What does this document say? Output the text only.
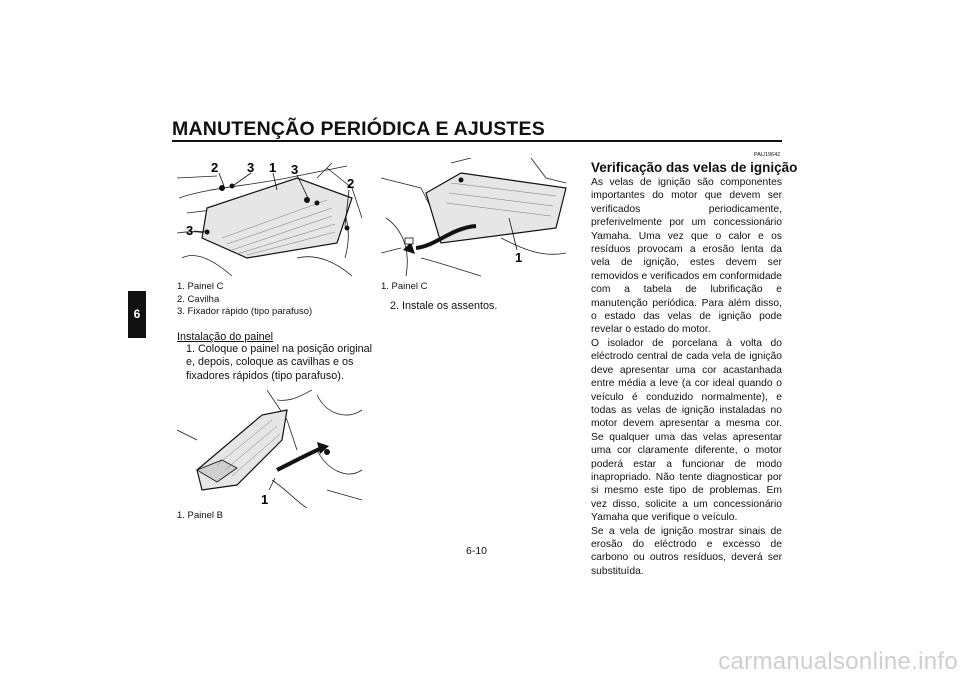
MANUTENÇÃO PERIÓDICA E AJUSTES
6
2 3 1 3
2
3
1. Painel C
2. Cavilha
3. Fixador rápido (tipo parafuso)
Instalação do painel
1. Coloque o painel na posição original e, depois, coloque as cavilhas e os fixadores rápidos (tipo parafuso).
1
1. Painel B
1
1. Painel C
2. Instale os assentos.
PAU19642
Verificação das velas de ignição

As velas de ignição são componentes importantes do motor que devem ser verificados periodicamente, preferivelmente por um concessionário Yamaha. Uma vez que o calor e os resíduos provocam a erosão lenta da vela de ignição, estes devem ser removidos e verificados em conformidade com a tabela de lubrificação e manutenção periódica. Para além disso, o estado das velas de ignição pode revelar o estado do motor.

O isolador de porcelana à volta do eléctrodo central de cada vela de ignição deve apresentar uma cor acastanhada entre média a leve (a cor ideal quando o veículo é conduzido normalmente), e todas as velas de ignição instaladas no motor devem apresentar a mesma cor. Se qualquer uma das velas apresentar uma cor claramente diferente, o motor poderá estar a funcionar de modo inapropriado. Não tente diagnosticar por si mesmo este tipo de problemas. Em vez disso, solicite a um concessionário Yamaha que verifique o veículo.

Se a vela de ignição mostrar sinais de erosão do eléctrodo e excesso de carbono ou outros resíduos, deverá ser substituída.

6-10
carmanualsonline.info
